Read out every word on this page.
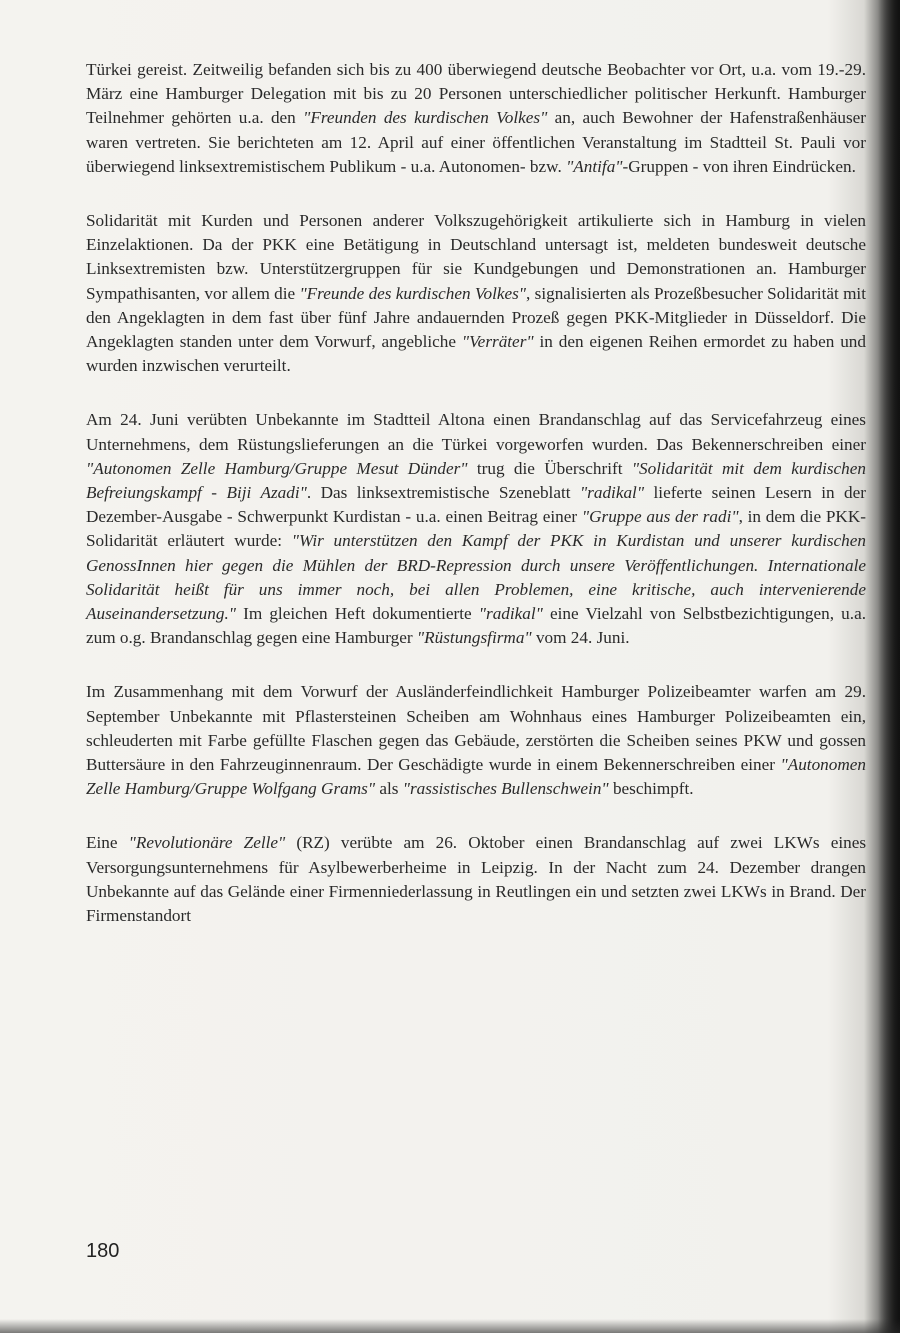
Türkei gereist. Zeitweilig befanden sich bis zu 400 überwiegend deutsche Beobachter vor Ort, u.a. vom 19.-29. März eine Hamburger Delegation mit bis zu 20 Personen unterschiedlicher politischer Herkunft. Hamburger Teilnehmer gehörten u.a. den "Freunden des kurdischen Volkes" an, auch Bewohner der Hafenstraßenhäuser waren vertreten. Sie berichteten am 12. April auf einer öffentlichen Veranstaltung im Stadtteil St. Pauli vor überwiegend linksextremistischem Publikum - u.a. Autonomen- bzw. "Antifa"-Gruppen - von ihren Eindrücken.

Solidarität mit Kurden und Personen anderer Volkszugehörigkeit artikulierte sich in Hamburg in vielen Einzelaktionen. Da der PKK eine Betätigung in Deutschland untersagt ist, meldeten bundesweit deutsche Linksextremisten bzw. Unterstützergruppen für sie Kundgebungen und Demonstrationen an. Hamburger Sympathisanten, vor allem die "Freunde des kurdischen Volkes", signalisierten als Prozeßbesucher Solidarität mit den Angeklagten in dem fast über fünf Jahre andauernden Prozeß gegen PKK-Mitglieder in Düsseldorf. Die Angeklagten standen unter dem Vorwurf, angebliche "Verräter" in den eigenen Reihen ermordet zu haben und wurden inzwischen verurteilt.

Am 24. Juni verübten Unbekannte im Stadtteil Altona einen Brandanschlag auf das Servicefahrzeug eines Unternehmens, dem Rüstungslieferungen an die Türkei vorgeworfen wurden. Das Bekennerschreiben einer "Autonomen Zelle Hamburg/Gruppe Mesut Dünder" trug die Überschrift "Solidarität mit dem kurdischen Befreiungskampf - Biji Azadi". Das linksextremistische Szeneblatt "radikal" lieferte seinen Lesern in der Dezember-Ausgabe - Schwerpunkt Kurdistan - u.a. einen Beitrag einer "Gruppe aus der radi", in dem die PKK-Solidarität erläutert wurde: "Wir unterstützen den Kampf der PKK in Kurdistan und unserer kurdischen GenossInnen hier gegen die Mühlen der BRD-Repression durch unsere Veröffentlichungen. Internationale Solidarität heißt für uns immer noch, bei allen Problemen, eine kritische, auch intervenierende Auseinandersetzung." Im gleichen Heft dokumentierte "radikal" eine Vielzahl von Selbstbezichtigungen, u.a. zum o.g. Brandanschlag gegen eine Hamburger "Rüstungsfirma" vom 24. Juni.

Im Zusammenhang mit dem Vorwurf der Ausländerfeindlichkeit Hamburger Polizeibeamter warfen am 29. September Unbekannte mit Pflastersteinen Scheiben am Wohnhaus eines Hamburger Polizeibeamten ein, schleuderten mit Farbe gefüllte Flaschen gegen das Gebäude, zerstörten die Scheiben seines PKW und gossen Buttersäure in den Fahrzeuginnenraum. Der Geschädigte wurde in einem Bekennerschreiben einer "Autonomen Zelle Hamburg/Gruppe Wolfgang Grams" als "rassistisches Bullenschwein" beschimpft.

Eine "Revolutionäre Zelle" (RZ) verübte am 26. Oktober einen Brandanschlag auf zwei LKWs eines Versorgungsunternehmens für Asylbewerberheime in Leipzig. In der Nacht zum 24. Dezember drangen Unbekannte auf das Gelände einer Firmenniederlassung in Reutlingen ein und setzten zwei LKWs in Brand. Der Firmenstandort

180
